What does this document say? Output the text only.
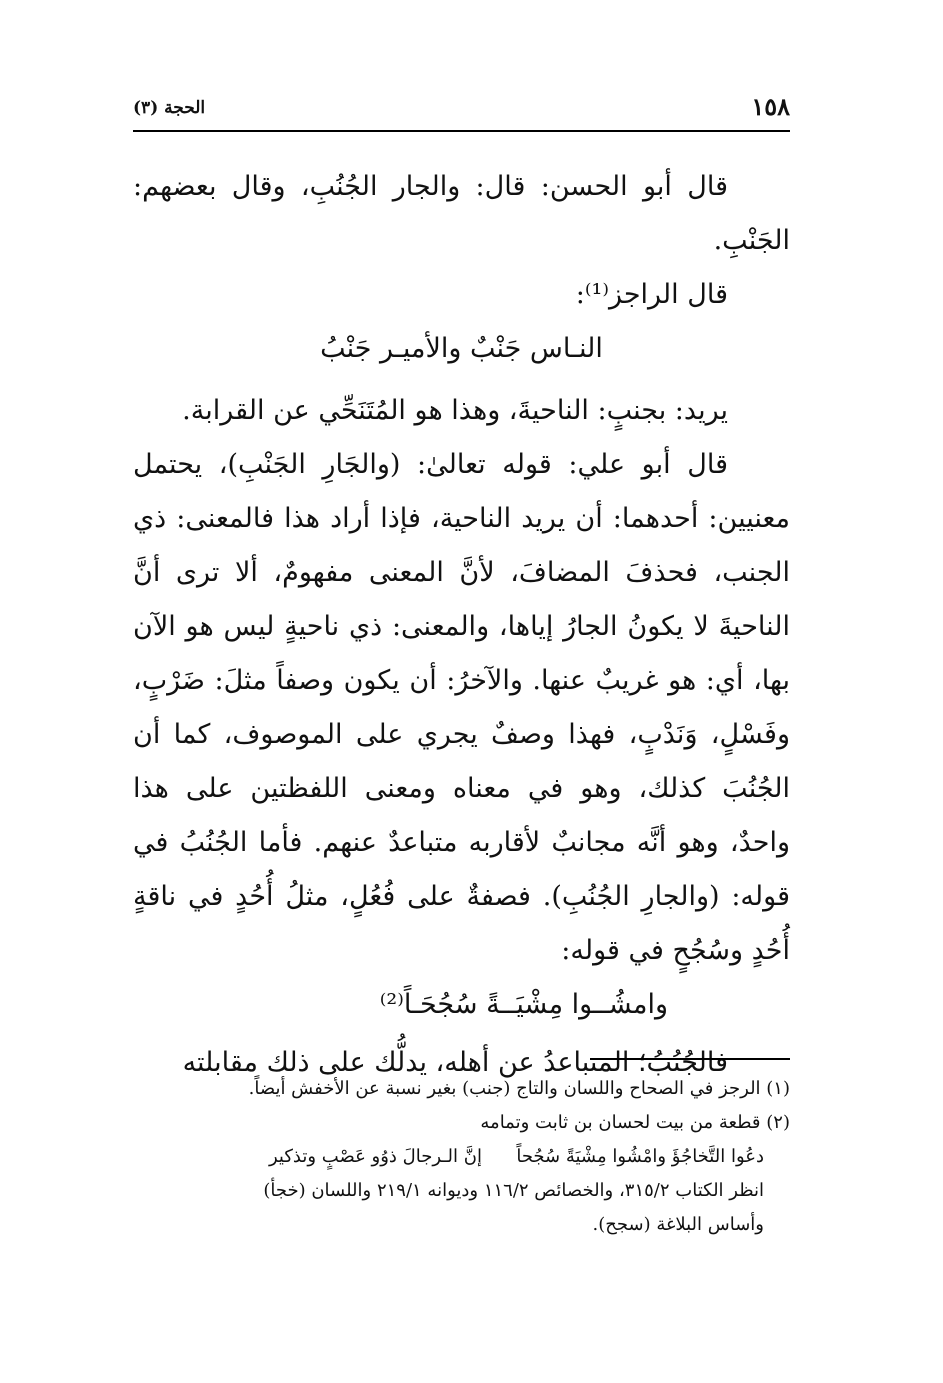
١٥٨
الحجة (٣)

قال أبو الحسن: قال: والجار الجُنُبِ، وقال بعضهم: الجَنْبِ.

قال الراجز⁽¹⁾:

النـاس جَنْبٌ والأميـر جَنْبُ

يريد: بجنبٍ: الناحيةَ، وهذا هو المُتَنَحِّي عن القرابة.

قال أبو علي: قوله تعالىٰ: (والجَارِ الجَنْبِ)، يحتمل معنيين: أحدهما: أن يريد الناحية، فإذا أراد هذا فالمعنى: ذي الجنب، فحذفَ المضافَ، لأنَّ المعنى مفهومٌ، ألا ترى أنَّ الناحيةَ لا يكونُ الجارُ إياها، والمعنى: ذي ناحيةٍ ليس هو الآن بها، أي: هو غريبٌ عنها. والآخرُ: أن يكون وصفاً مثلَ: ضَرْبٍ، وفَسْلٍ، وَنَدْبٍ، فهذا وصفٌ يجري على الموصوف، كما أن الجُنُبَ كذلك، وهو في معناه ومعنى اللفظتين على هذا واحدٌ، وهو أنَّه مجانبٌ لأقاربه متباعدٌ عنهم. فأما الجُنُبُ في قوله: (والجارِ الجُنُبِ). فصفةٌ على فُعُلٍ، مثلُ أُحُدٍ في ناقةٍ أُحُدٍ وسُجُحٍ في قوله:

وامشُــوا مِشْيَــةً سُجُحَـاً⁽²⁾

فالجُنُبُ؛ المتباعدُ عن أهله، يدلُّك على ذلك مقابلته

(١) الرجز في الصحاح واللسان والتاج (جنب) بغير نسبة عن الأخفش أيضاً.

(٢) قطعة من بيت لحسان بن ثابت وتمامه

دعُوا التَّخاجُؤَ وامْشُوا مِشْيَةً سُجُحاً      إنَّ الـرجالَ ذوُو عَصْبٍ وتذكير

انظر الكتاب ٣١٥/٢، والخصائص ١١٦/٢ وديوانه ٢١٩/١ واللسان (خجأ)

وأساس البلاغة (سجح).
